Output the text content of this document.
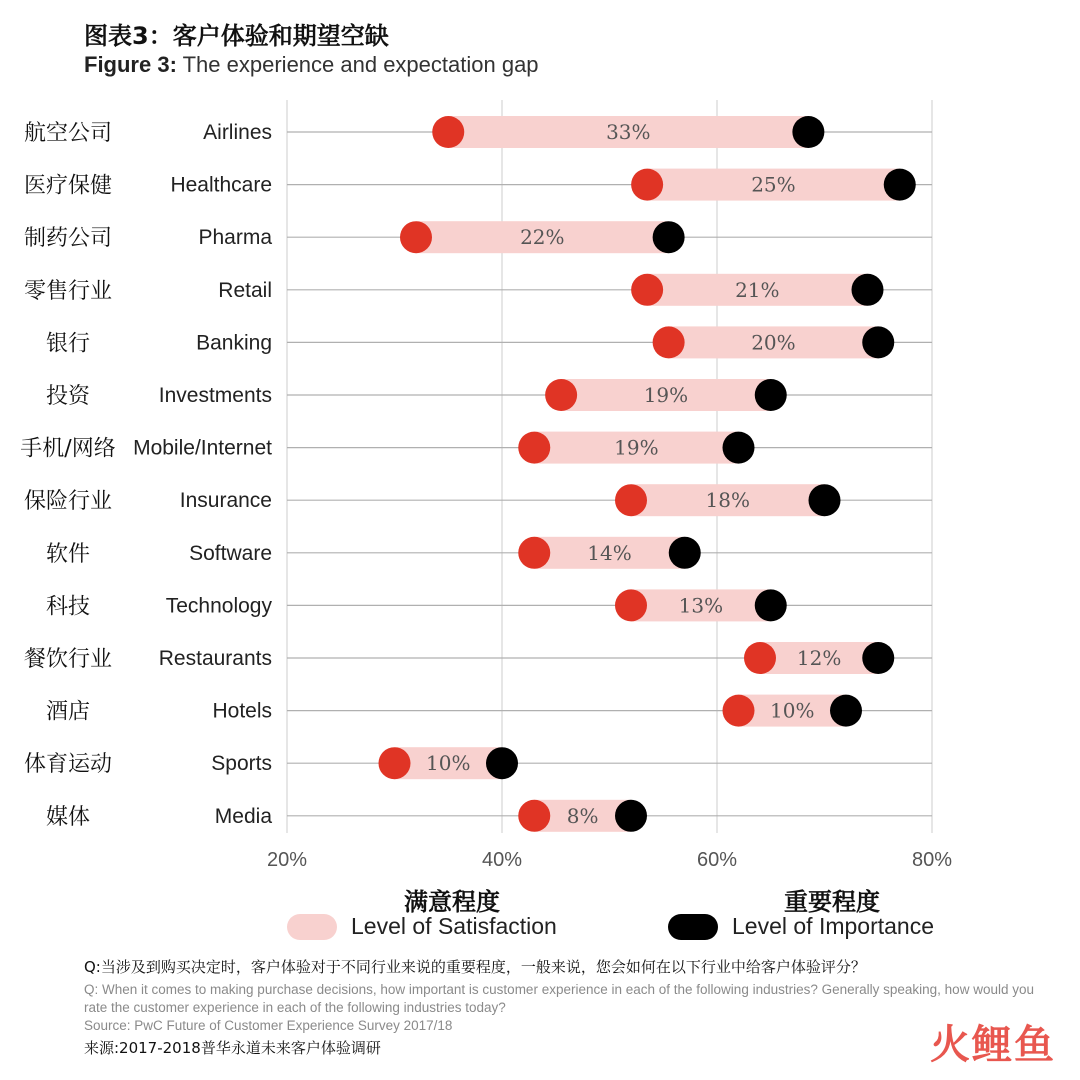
图表3：客户体验和期望空缺
Figure 3: The experience and expectation gap
20%	40%	60%	80%
33%
Airlines
航空公司
25%
Healthcare
医疗保健
22%
Pharma
制药公司
21%
Retail
零售行业
20%
Banking
银行
19%
Investments
投资
19%
Mobile/Internet
手机/网络
18%
Insurance
保险行业
14%
Software
软件
13%
Technology
科技
12%
Restaurants
餐饮行业
10%
Hotels
酒店
10%
Sports
体育运动
8%
Media
媒体
满意程度	重要程度
Level of Satisfaction	Level of Importance
Q:当涉及到购买决定时，客户体验对于不同行业来说的重要程度，一般来说，您会如何在以下行业中给客户体验评分？
Q: When it comes to making purchase decisions, how important is customer experience in each of the following industries? Generally speaking, how would you rate the customer experience in each of the following industries today?
Source: PwC Future of Customer Experience Survey 2017/18
来源:2017-2018普华永道未来客户体验调研	火鲤鱼
